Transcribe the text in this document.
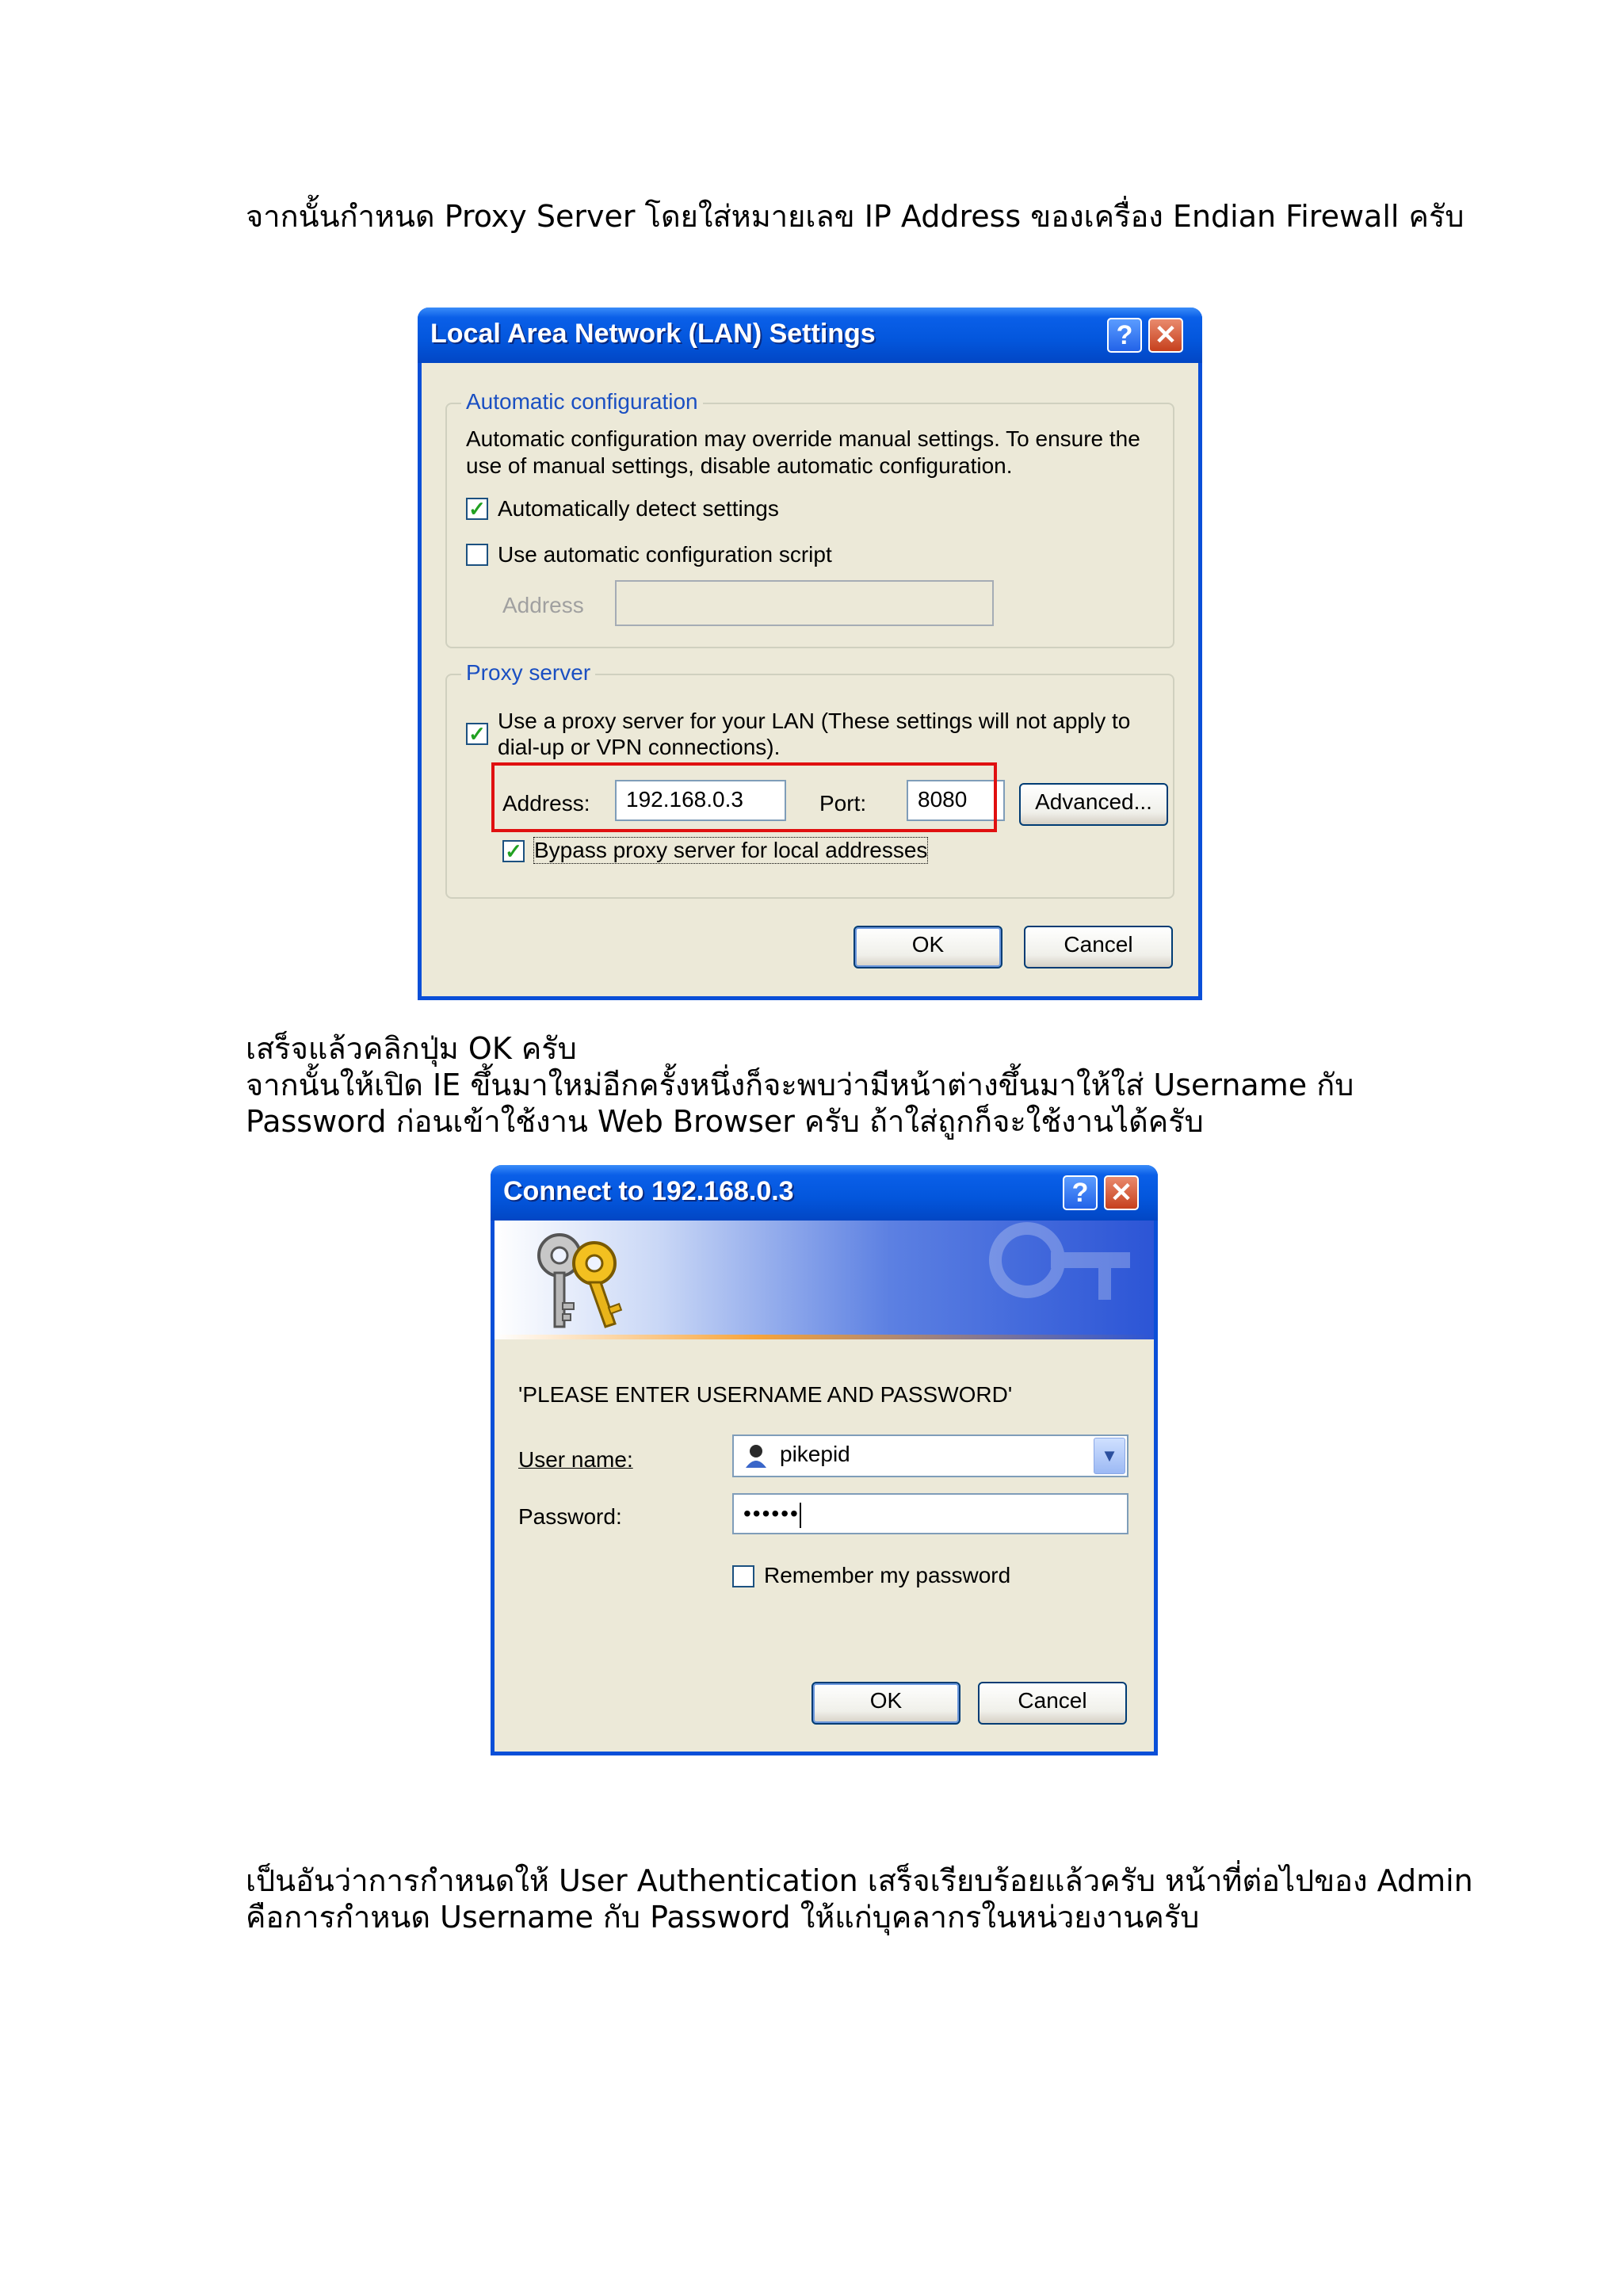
จากนั้นกำหนด Proxy Server โดยใส่หมายเลข IP Address ของเครื่อง Endian Firewall ครับ
Local Area Network (LAN) Settings	? ✕
Automatic configuration
Automatic configuration may override manual settings. To ensure the
use of manual settings, disable automatic configuration.
✓ Automatically detect settings
Use automatic configuration script
Address
Proxy server
✓
Use a proxy server for your LAN (These settings will not apply to
dial-up or VPN connections).
Address:	192.168.0.3	Port:	8080	Advanced...
✓ Bypass proxy server for local addresses
OK	Cancel
เสร็จแล้วคลิกปุ่ม OK ครับ
จากนั้นให้เปิด IE ขึ้นมาใหม่อีกครั้งหนึ่งก็จะพบว่ามีหน้าต่างขึ้นมาให้ใส่ Username กับ
Password ก่อนเข้าใช้งาน Web Browser ครับ ถ้าใส่ถูกก็จะใช้งานได้ครับ
Connect to 192.168.0.3	? ✕
'PLEASE ENTER USERNAME AND PASSWORD'
User name:	pikepid	▼
Password:	••••••
Remember my password
OK	Cancel
เป็นอันว่าการกำหนดให้ User Authentication เสร็จเรียบร้อยแล้วครับ หน้าที่ต่อไปของ Admin
คือการกำหนด Username กับ Password ให้แก่บุคลากรในหน่วยงานครับ
